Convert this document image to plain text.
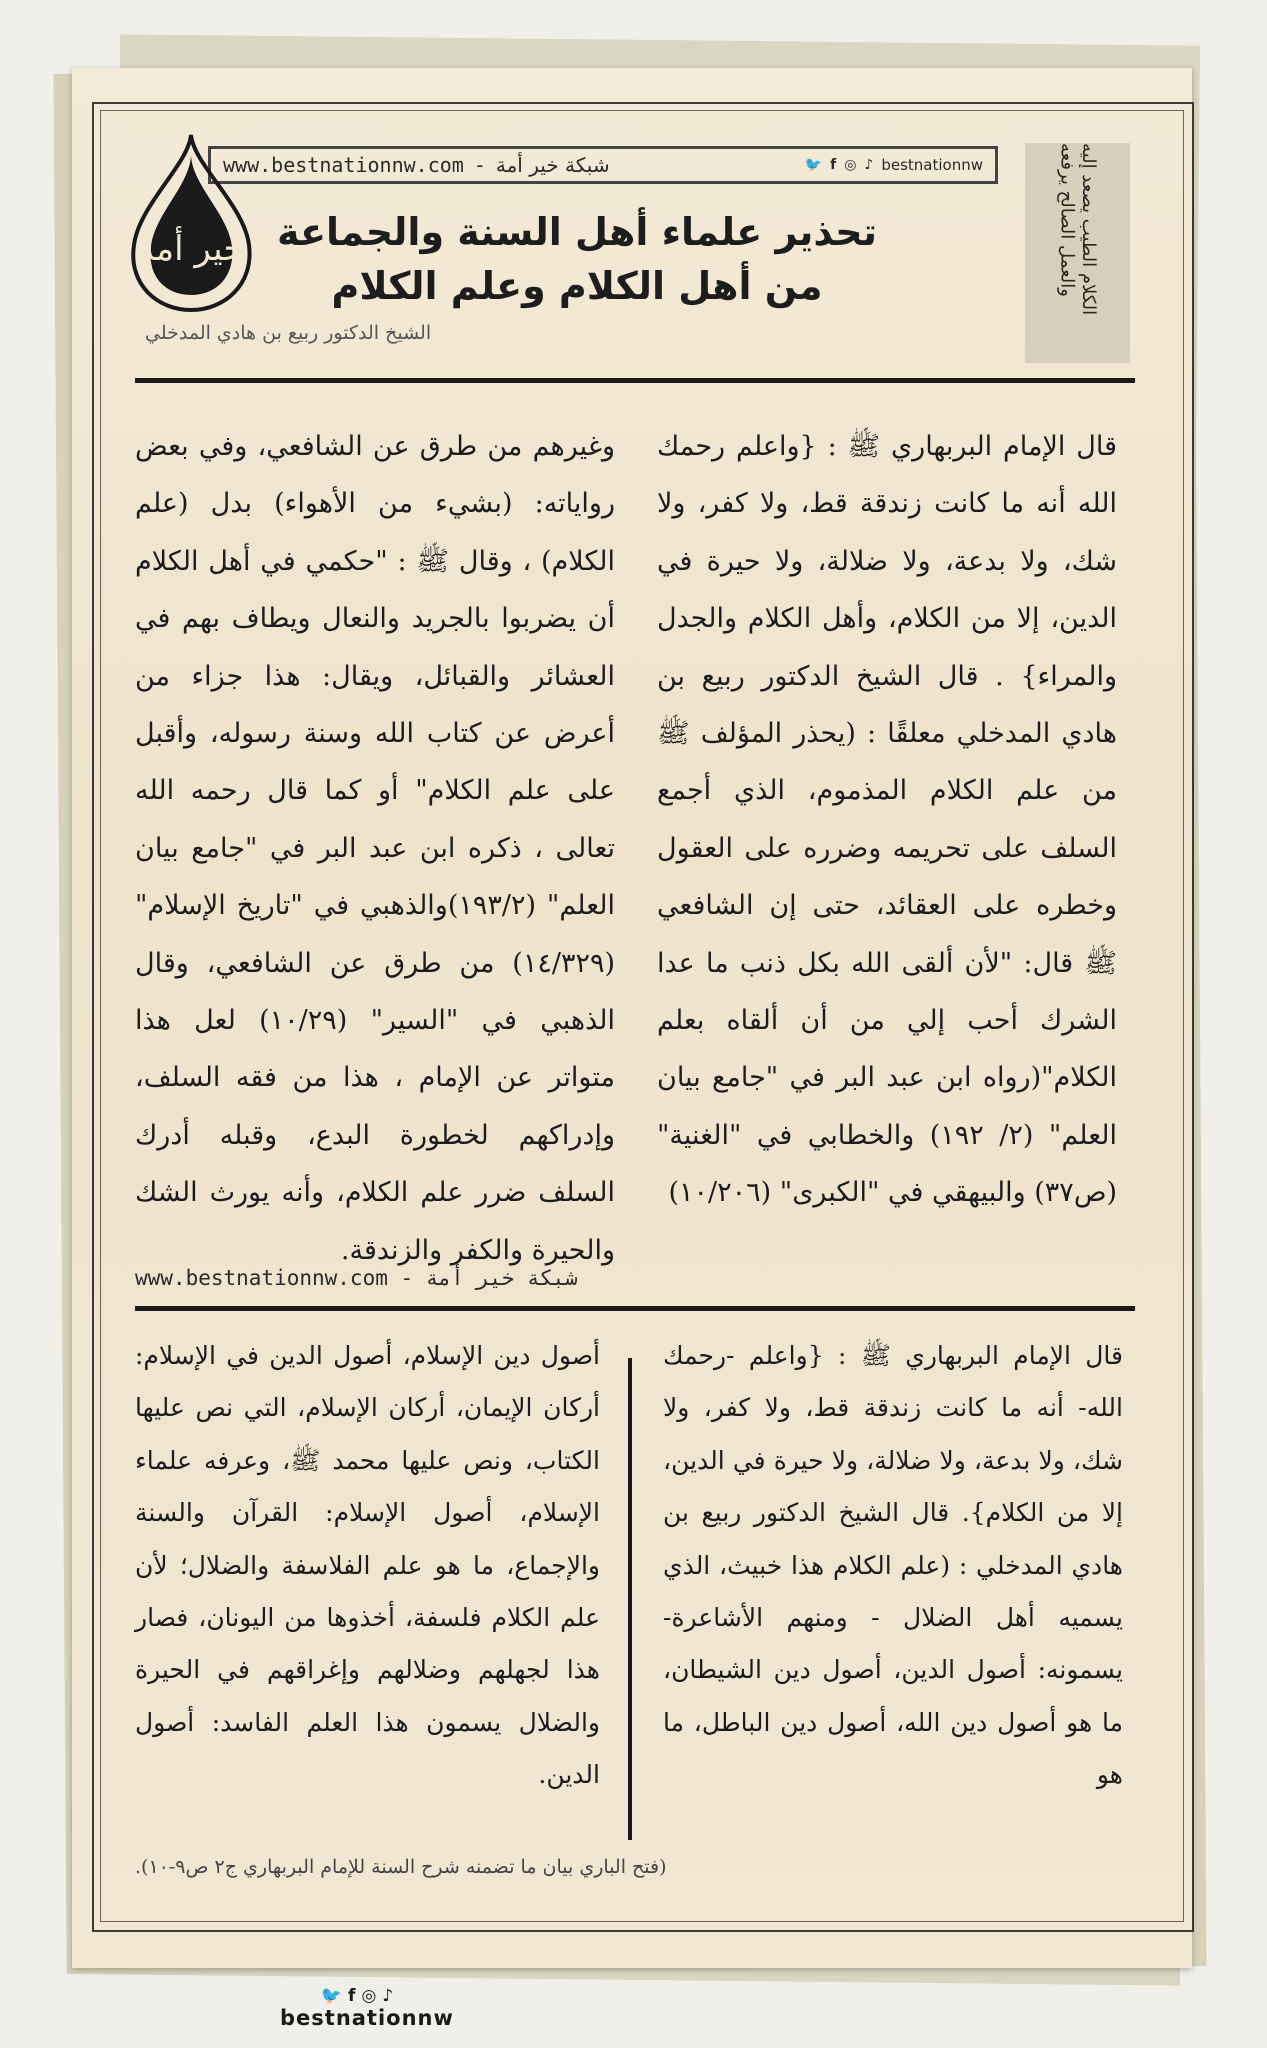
www.bestnationnw.com - شبكة خير أمة	🐦 f ◎ ♪ bestnationnw
خير أمة	الكلام الطيب يصعد إليه والعمل الصالح يرفعه
تحذير علماء أهل السنة والجماعة
من أهل الكلام وعلم الكلام
الشيخ الدكتور ربيع بن هادي المدخلي

قال الإمام البربهاري ﷺ : {واعلم رحمك الله أنه ما كانت زندقة قط، ولا كفر، ولا شك، ولا بدعة، ولا ضلالة، ولا حيرة في الدين، إلا من الكلام، وأهل الكلام والجدل والمراء} . قال الشيخ الدكتور ربيع بن هادي المدخلي معلقًا : (يحذر المؤلف ﷺ من علم الكلام المذموم، الذي أجمع السلف على تحريمه وضرره على العقول وخطره على العقائد، حتى إن الشافعي ﷺ قال: "لأن ألقى الله بكل ذنب ما عدا الشرك أحب إلي من أن ألقاه بعلم الكلام"(رواه ابن عبد البر في "جامع بيان العلم" (٢/ ١٩٢) والخطابي في "الغنية" (ص٣٧) والبيهقي في "الكبرى" (١٠/٢٠٦)

وغيرهم من طرق عن الشافعي، وفي بعض رواياته: (بشيء من الأهواء) بدل (علم الكلام) ، وقال ﷺ : "حكمي في أهل الكلام أن يضربوا بالجريد والنعال ويطاف بهم في العشائر والقبائل، ويقال: هذا جزاء من أعرض عن كتاب الله وسنة رسوله، وأقبل على علم الكلام" أو كما قال رحمه الله تعالى ، ذكره ابن عبد البر في "جامع بيان العلم" (١٩٣/٢)والذهبي في "تاريخ الإسلام" (١٤/٣٢٩) من طرق عن الشافعي، وقال الذهبي في "السير" (١٠/٢٩) لعل هذا متواتر عن الإمام ، هذا من فقه السلف، وإدراكهم لخطورة البدع، وقبله أدرك السلف ضرر علم الكلام، وأنه يورث الشك والحيرة والكفر والزندقة.

www.bestnationnw.com - شبكة خير أمة

قال الإمام البربهاري ﷺ : {واعلم -رحمك الله- أنه ما كانت زندقة قط، ولا كفر، ولا شك، ولا بدعة، ولا ضلالة، ولا حيرة في الدين، إلا من الكلام}. قال الشيخ الدكتور ربيع بن هادي المدخلي : (علم الكلام هذا خبيث، الذي يسميه أهل الضلال - ومنهم الأشاعرة- يسمونه: أصول الدين، أصول دين الشيطان، ما هو أصول دين الله، أصول دين الباطل، ما هو

أصول دين الإسلام، أصول الدين في الإسلام: أركان الإيمان، أركان الإسلام، التي نص عليها الكتاب، ونص عليها محمد ﷺ، وعرفه علماء الإسلام، أصول الإسلام: القرآن والسنة والإجماع، ما هو علم الفلاسفة والضلال؛ لأن علم الكلام فلسفة، أخذوها من اليونان، فصار هذا لجهلهم وضلالهم وإغراقهم في الحيرة والضلال يسمون هذا العلم الفاسد: أصول الدين.

(فتح الباري بيان ما تضمنه شرح السنة للإمام البربهاري ج٢ ص٩-١٠).
🐦f◎♪
bestnationnw
